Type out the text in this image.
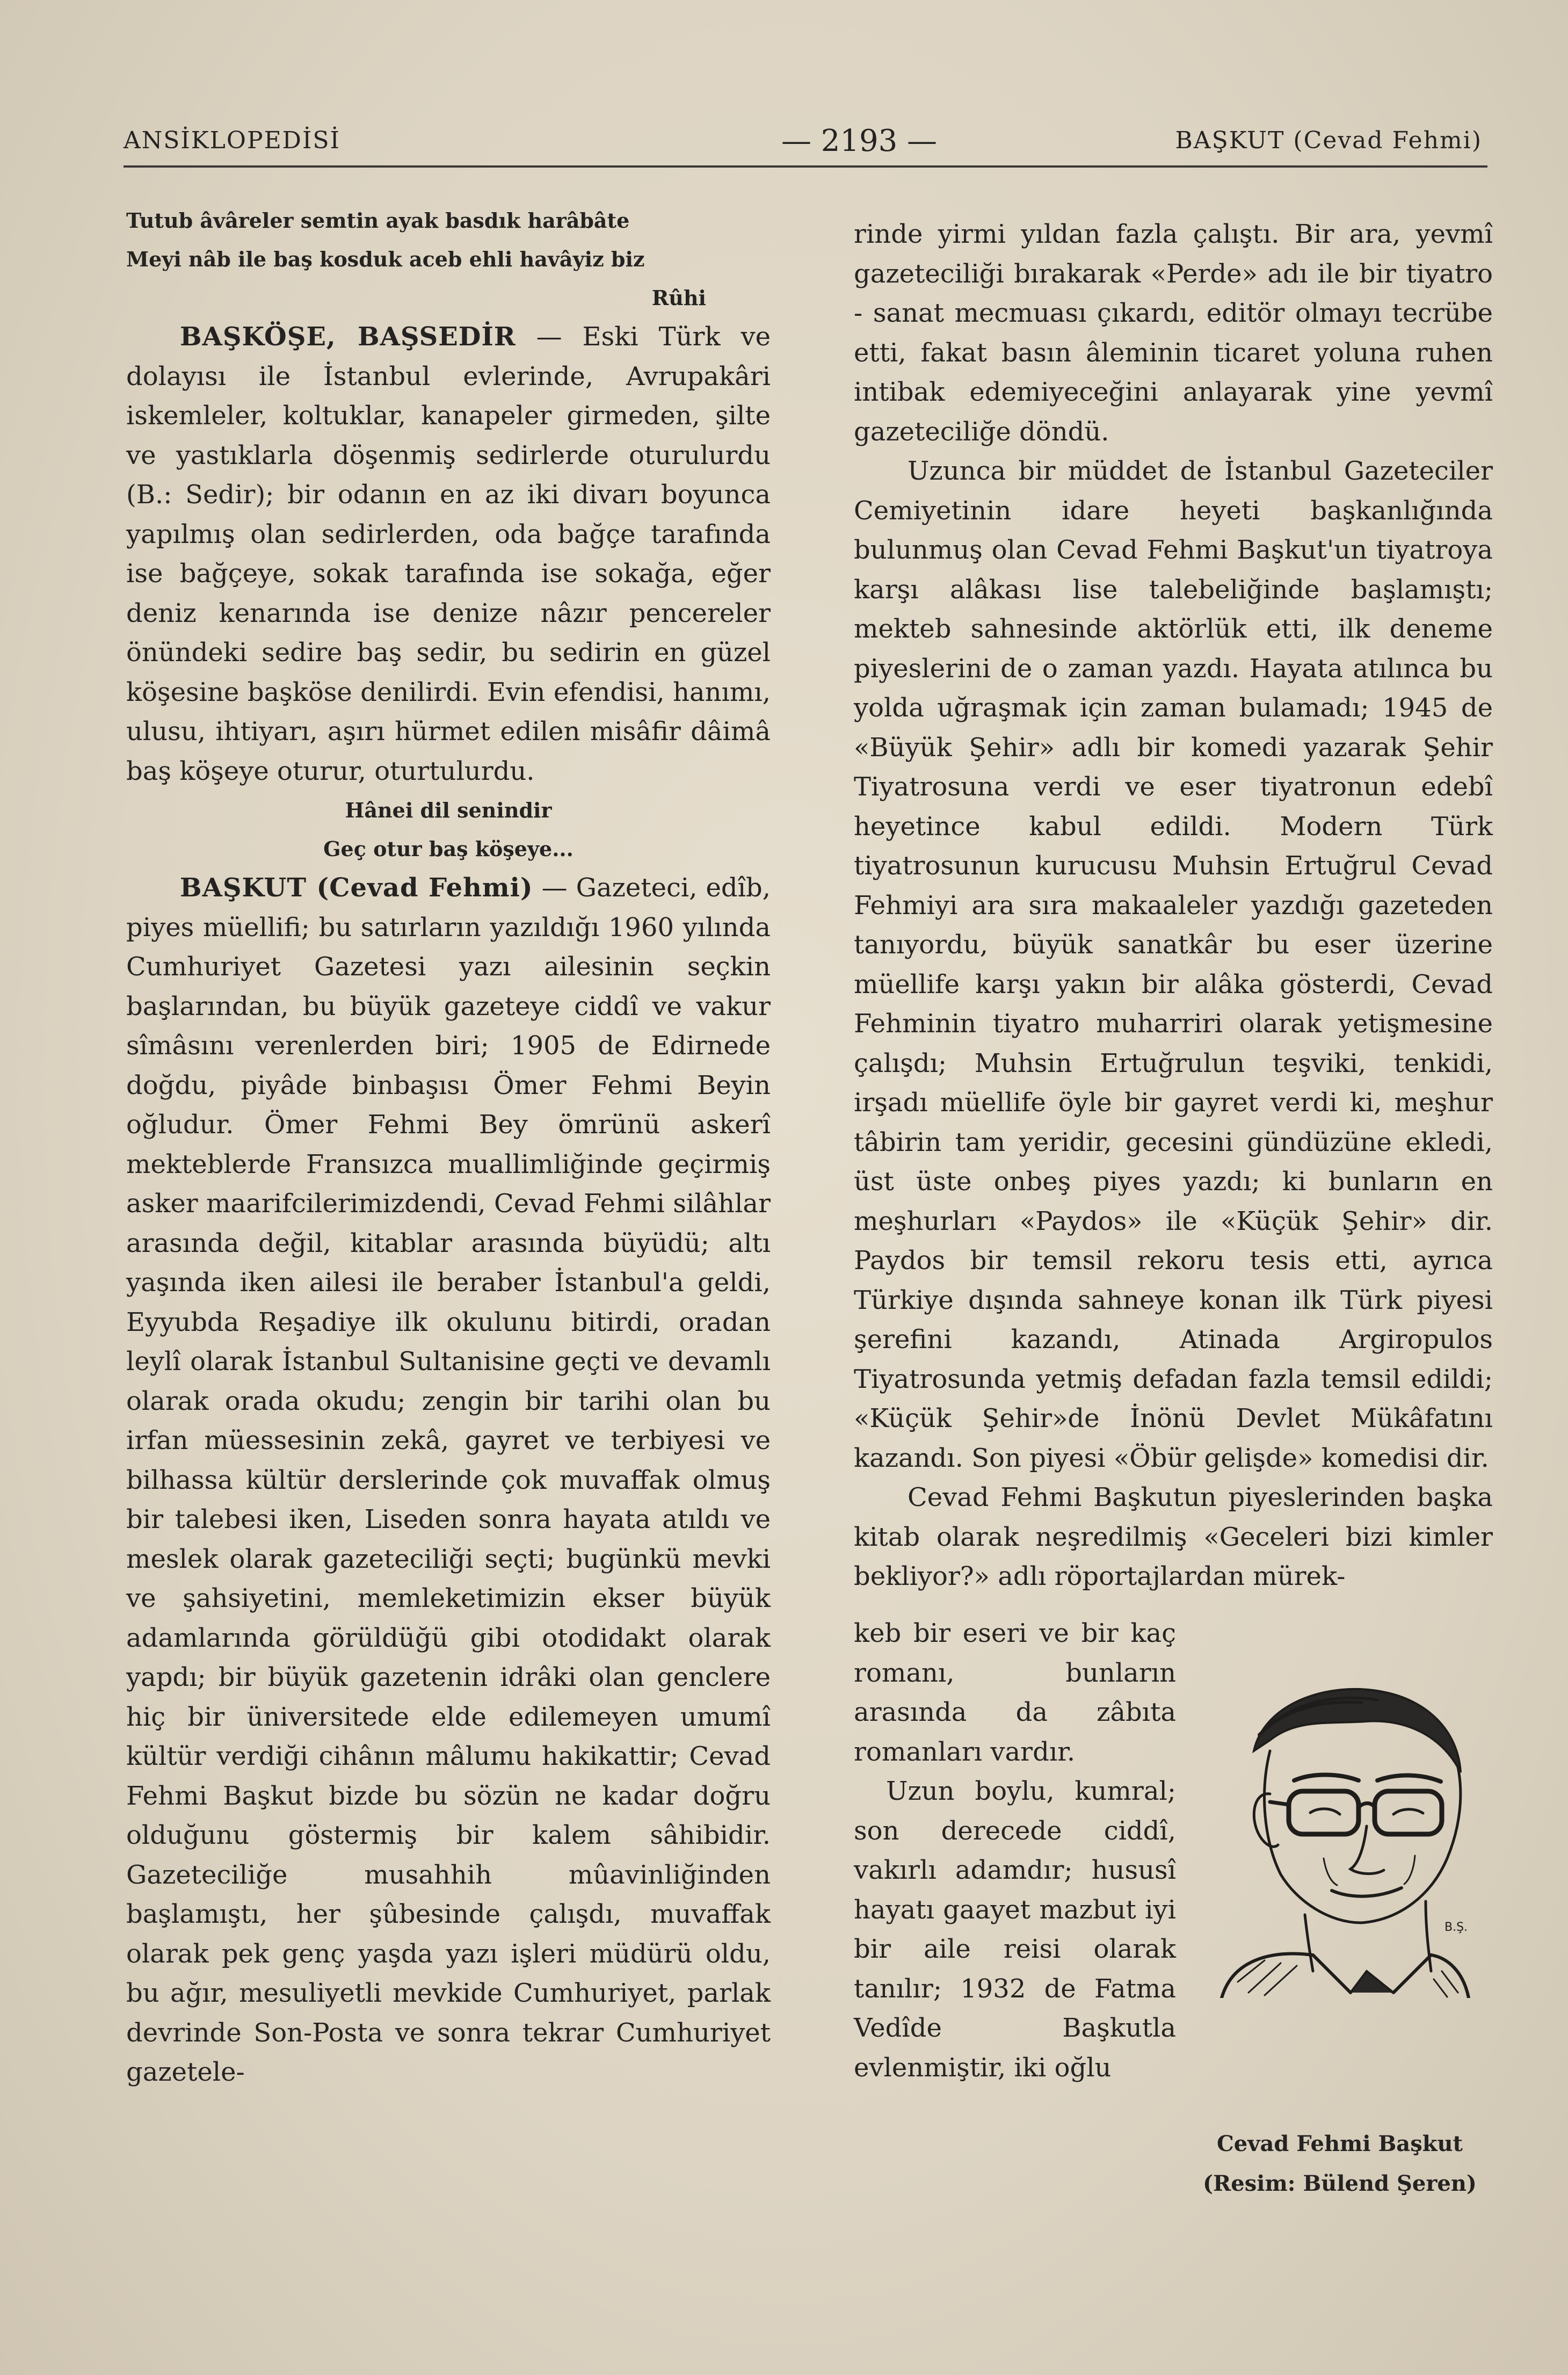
ANSİKLOPEDİSİ	— 2193 —	BAŞKUT (Cevad Fehmi)
Tutub âvâreler semtin ayak basdık harâbâte
Meyi nâb ile baş kosduk aceb ehli havâyiz biz
Rûhi

BAŞKÖŞE, BAŞSEDİR — Eski Türk ve dolayısı ile İstanbul evlerinde, Avrupakâri iskemleler, koltuklar, kanapeler girmeden, şilte ve yastıklarla döşenmiş sedirlerde oturulurdu (B.: Sedir); bir odanın en az iki divarı boyunca yapılmış olan sedirlerden, oda bağçe tarafında ise bağçeye, sokak tarafında ise sokağa, eğer deniz kenarında ise denize nâzır pencereler önündeki sedire baş sedir, bu sedirin en güzel köşesine başköse denilirdi. Evin efendisi, hanımı, ulusu, ihtiyarı, aşırı hürmet edilen misâfir dâimâ baş köşeye oturur, oturtulurdu.

Hânei dil senindir
Geç otur baş köşeye...

BAŞKUT (Cevad Fehmi) — Gazeteci, edîb, piyes müellifi; bu satırların yazıldığı 1960 yılında Cumhuriyet Gazetesi yazı ailesinin seçkin başlarından, bu büyük gazeteye ciddî ve vakur sîmâsını verenlerden biri; 1905 de Edirnede doğdu, piyâde binbaşısı Ömer Fehmi Beyin oğludur. Ömer Fehmi Bey ömrünü askerî mekteblerde Fransızca muallimliğinde geçirmiş asker maarifcilerimizdendi, Cevad Fehmi silâhlar arasında değil, kitablar arasında büyüdü; altı yaşında iken ailesi ile beraber İstanbul'a geldi, Eyyubda Reşadiye ilk okulunu bitirdi, oradan leylî olarak İstanbul Sultanisine geçti ve devamlı olarak orada okudu; zengin bir tarihi olan bu irfan müessesinin zekâ, gayret ve terbiyesi ve bilhassa kültür derslerinde çok muvaffak olmuş bir talebesi iken, Liseden sonra hayata atıldı ve meslek olarak gazeteciliği seçti; bugünkü mevki ve şahsiyetini, memleketimizin ekser büyük adamlarında görüldüğü gibi otodidakt olarak yapdı; bir büyük gazetenin idrâki olan genclere hiç bir üniversitede elde edilemeyen umumî kültür verdiği cihânın mâlumu hakikattir; Cevad Fehmi Başkut bizde bu sözün ne kadar doğru olduğunu göstermiş bir kalem sâhibidir. Gazeteciliğe musahhih mûavinliğinden başlamıştı, her şûbesinde çalışdı, muvaffak olarak pek genç yaşda yazı işleri müdürü oldu, bu ağır, mesuliyetli mevkide Cumhuriyet, parlak devrinde Son-Posta ve sonra tekrar Cumhuriyet gazetele-

rinde yirmi yıldan fazla çalıştı. Bir ara, yevmî gazeteciliği bırakarak «Perde» adı ile bir tiyatro - sanat mecmuası çıkardı, editör olmayı tecrübe etti, fakat basın âleminin ticaret yoluna ruhen intibak edemiyeceğini anlayarak yine yevmî gazeteciliğe döndü.

Uzunca bir müddet de İstanbul Gazeteciler Cemiyetinin idare heyeti başkanlığında bulunmuş olan Cevad Fehmi Başkut'un tiyatroya karşı alâkası lise talebeliğinde başlamıştı; mekteb sahnesinde aktörlük etti, ilk deneme piyeslerini de o zaman yazdı. Hayata atılınca bu yolda uğraşmak için zaman bulamadı; 1945 de «Büyük Şehir» adlı bir komedi yazarak Şehir Tiyatrosuna verdi ve eser tiyatronun edebî heyetince kabul edildi. Modern Türk tiyatrosunun kurucusu Muhsin Ertuğrul Cevad Fehmiyi ara sıra makaaleler yazdığı gazeteden tanıyordu, büyük sanatkâr bu eser üzerine müellife karşı yakın bir alâka gösterdi, Cevad Fehminin tiyatro muharriri olarak yetişmesine çalışdı; Muhsin Ertuğrulun teşviki, tenkidi, irşadı müellife öyle bir gayret verdi ki, meşhur tâbirin tam yeridir, gecesini gündüzüne ekledi, üst üste onbeş piyes yazdı; ki bunların en meşhurları «Paydos» ile «Küçük Şehir» dir. Paydos bir temsil rekoru tesis etti, ayrıca Türkiye dışında sahneye konan ilk Türk piyesi şerefini kazandı, Atinada Argiropulos Tiyatrosunda yetmiş defadan fazla temsil edildi; «Küçük Şehir»de İnönü Devlet Mükâfatını kazandı. Son piyesi «Öbür gelişde» komedisi dir.

Cevad Fehmi Başkutun piyeslerinden başka kitab olarak neşredilmiş «Geceleri bizi kimler bekliyor?» adlı röportajlardan mürek-

keb bir eseri ve bir kaç romanı, bunların arasında da zâbıta romanları vardır.

Uzun boylu, kumral; son derecede ciddî, vakırlı adamdır; hususî hayatı gaayet mazbut iyi bir aile reisi olarak tanılır; 1932 de Fatma Vedîde Başkutla evlenmiştir, iki oğlu

B.Ş.
Cevad Fehmi Başkut
(Resim: Bülend Şeren)
